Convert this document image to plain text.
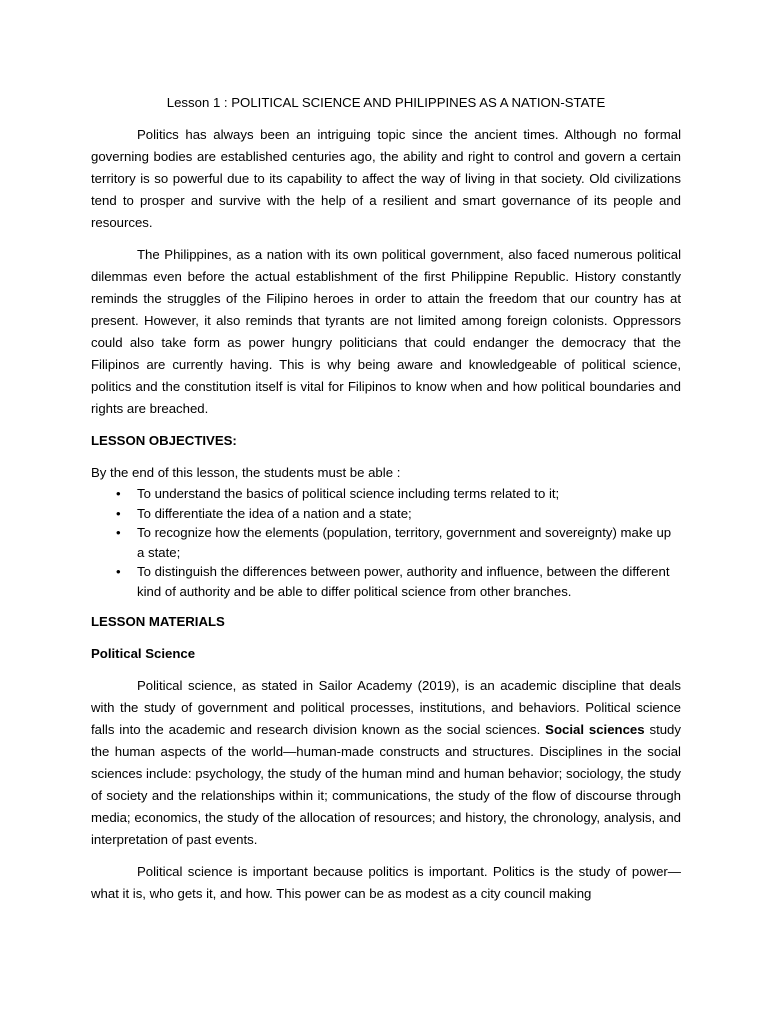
Lesson 1 : POLITICAL SCIENCE AND PHILIPPINES AS A NATION-STATE

Politics has always been an intriguing topic since the ancient times. Although no formal governing bodies are established centuries ago, the ability and right to control and govern a certain territory is so powerful due to its capability to affect the way of living in that society. Old civilizations tend to prosper and survive with the help of a resilient and smart governance of its people and resources.

The Philippines, as a nation with its own political government, also faced numerous political dilemmas even before the actual establishment of the first Philippine Republic. History constantly reminds the struggles of the Filipino heroes in order to attain the freedom that our country has at present. However, it also reminds that tyrants are not limited among foreign colonists. Oppressors could also take form as power hungry politicians that could endanger the democracy that the Filipinos are currently having. This is why being aware and knowledgeable of political science, politics and the constitution itself is vital for Filipinos to know when and how political boundaries and rights are breached.

LESSON OBJECTIVES:

By the end of this lesson, the students must be able :

• To understand the basics of political science including terms related to it;
• To differentiate the idea of a nation and a state;
• To recognize how the elements (population, territory, government and sovereignty) make up a state;
• To distinguish the differences between power, authority and influence, between the different kind of authority and be able to differ political science from other branches.

LESSON MATERIALS

Political Science

Political science, as stated in Sailor Academy (2019), is an academic discipline that deals with the study of government and political processes, institutions, and behaviors. Political science falls into the academic and research division known as the social sciences. Social sciences study the human aspects of the world—human-made constructs and structures. Disciplines in the social sciences include: psychology, the study of the human mind and human behavior; sociology, the study of society and the relationships within it; communications, the study of the flow of discourse through media; economics, the study of the allocation of resources; and history, the chronology, analysis, and interpretation of past events.

Political science is important because politics is important. Politics is the study of power—what it is, who gets it, and how. This power can be as modest as a city council making
